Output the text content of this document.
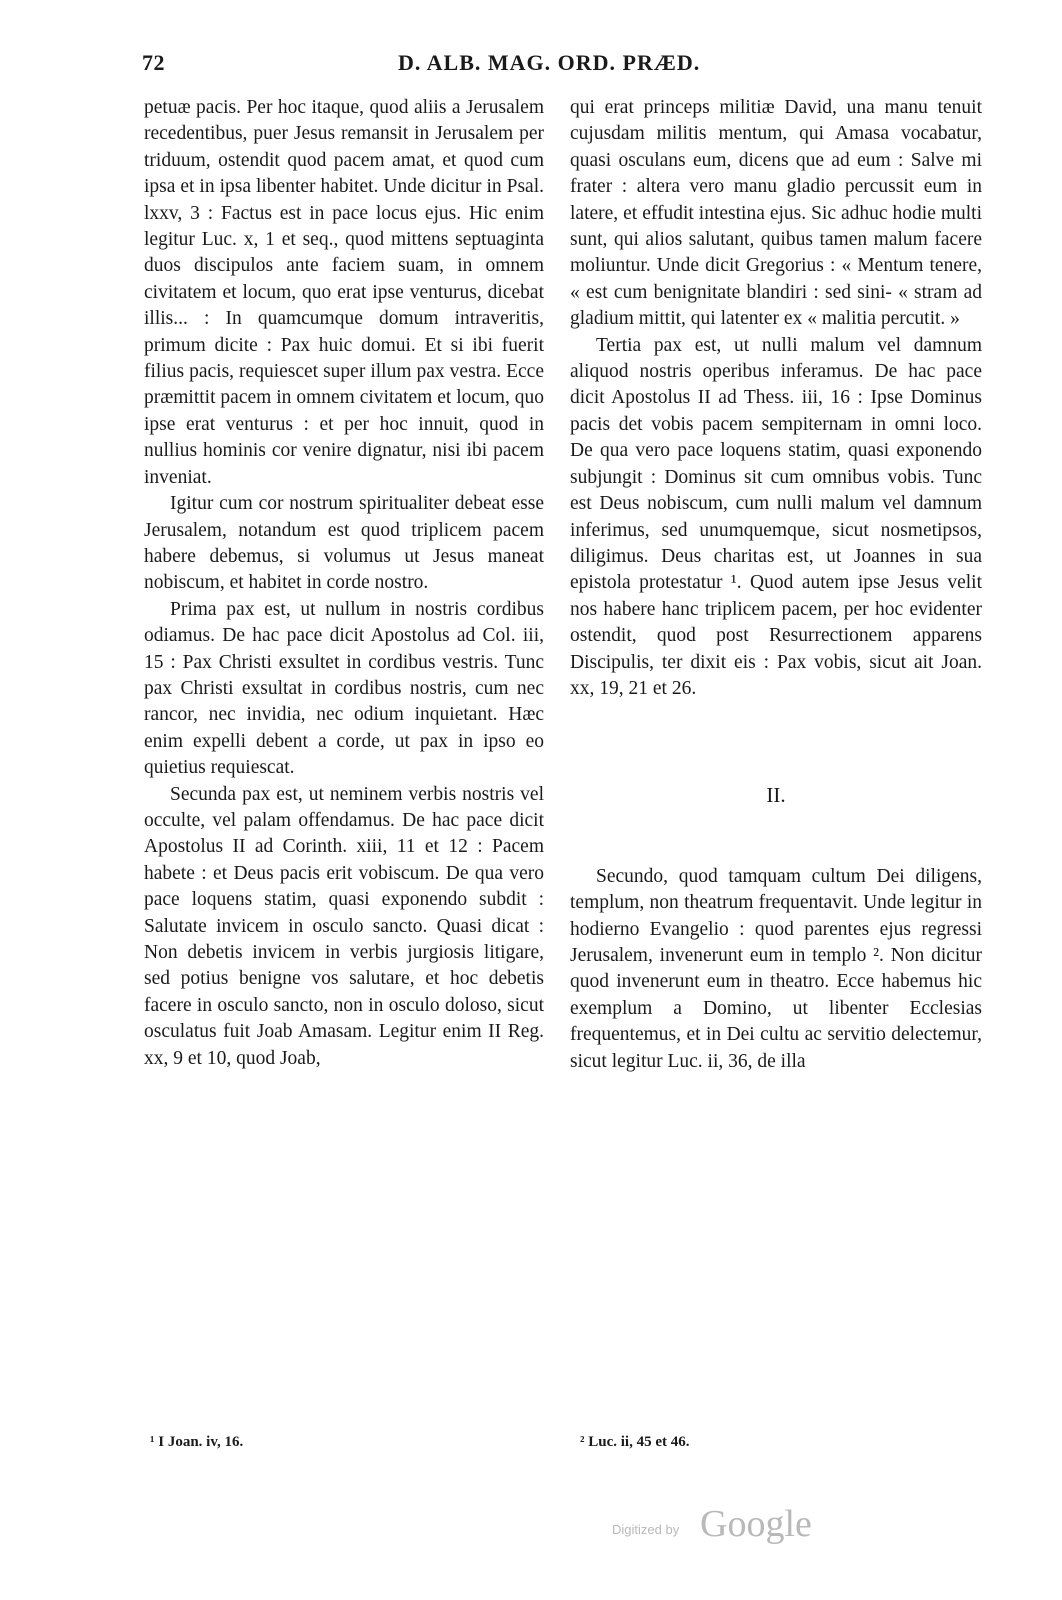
72	D. ALB. MAG. ORD. PRÆD.

petuæ pacis. Per hoc itaque, quod aliis a Jerusalem recedentibus, puer Jesus remansit in Jerusalem per triduum, ostendit quod pacem amat, et quod cum ipsa et in ipsa libenter habitet. Unde dicitur in Psal. lxxv, 3 : Factus est in pace locus ejus. Hic enim legitur Luc. x, 1 et seq., quod mittens septuaginta duos discipulos ante faciem suam, in omnem civitatem et locum, quo erat ipse venturus, dicebat illis... : In quamcumque domum intraveritis, primum dicite : Pax huic domui. Et si ibi fuerit filius pacis, requiescet super illum pax vestra. Ecce præmittit pacem in omnem civitatem et locum, quo ipse erat venturus : et per hoc innuit, quod in nullius hominis cor venire dignatur, nisi ibi pacem inveniat.

Igitur cum cor nostrum spiritualiter debeat esse Jerusalem, notandum est quod triplicem pacem habere debemus, si volumus ut Jesus maneat nobiscum, et habitet in corde nostro.

Prima pax est, ut nullum in nostris cordibus odiamus. De hac pace dicit Apostolus ad Col. iii, 15 : Pax Christi exsultet in cordibus vestris. Tunc pax Christi exsultat in cordibus nostris, cum nec rancor, nec invidia, nec odium inquietant. Hæc enim expelli debent a corde, ut pax in ipso eo quietius requiescat.

Secunda pax est, ut neminem verbis nostris vel occulte, vel palam offendamus. De hac pace dicit Apostolus II ad Corinth. xiii, 11 et 12 : Pacem habete : et Deus pacis erit vobiscum. De qua vero pace loquens statim, quasi exponendo subdit : Salutate invicem in osculo sancto. Quasi dicat : Non debetis invicem in verbis jurgiosis litigare, sed potius benigne vos salutare, et hoc debetis facere in osculo sancto, non in osculo doloso, sicut osculatus fuit Joab Amasam. Legitur enim II Reg. xx, 9 et 10, quod Joab,

qui erat princeps militiæ David, una manu tenuit cujusdam militis mentum, qui Amasa vocabatur, quasi osculans eum, dicens que ad eum : Salve mi frater : altera vero manu gladio percussit eum in latere, et effudit intestina ejus. Sic adhuc hodie multi sunt, qui alios salutant, quibus tamen malum facere moliuntur. Unde dicit Gregorius : « Mentum tenere, « est cum benignitate blandiri : sed sini- « stram ad gladium mittit, qui latenter ex « malitia percutit. »

Tertia pax est, ut nulli malum vel damnum aliquod nostris operibus inferamus. De hac pace dicit Apostolus II ad Thess. iii, 16 : Ipse Dominus pacis det vobis pacem sempiternam in omni loco. De qua vero pace loquens statim, quasi exponendo subjungit : Dominus sit cum omnibus vobis. Tunc est Deus nobiscum, cum nulli malum vel damnum inferimus, sed unumquemque, sicut nosmetipsos, diligimus. Deus charitas est, ut Joannes in sua epistola protestatur ¹. Quod autem ipse Jesus velit nos habere hanc triplicem pacem, per hoc evidenter ostendit, quod post Resurrectionem apparens Discipulis, ter dixit eis : Pax vobis, sicut ait Joan. xx, 19, 21 et 26.

II.

Secundo, quod tamquam cultum Dei diligens, templum, non theatrum frequentavit. Unde legitur in hodierno Evangelio : quod parentes ejus regressi Jerusalem, invenerunt eum in templo ². Non dicitur quod invenerunt eum in theatro. Ecce habemus hic exemplum a Domino, ut libenter Ecclesias frequentemus, et in Dei cultu ac servitio delectemur, sicut legitur Luc. ii, 36, de illa

¹ I Joan. iv, 16.	² Luc. ii, 45 et 46.
Digitized by Google
